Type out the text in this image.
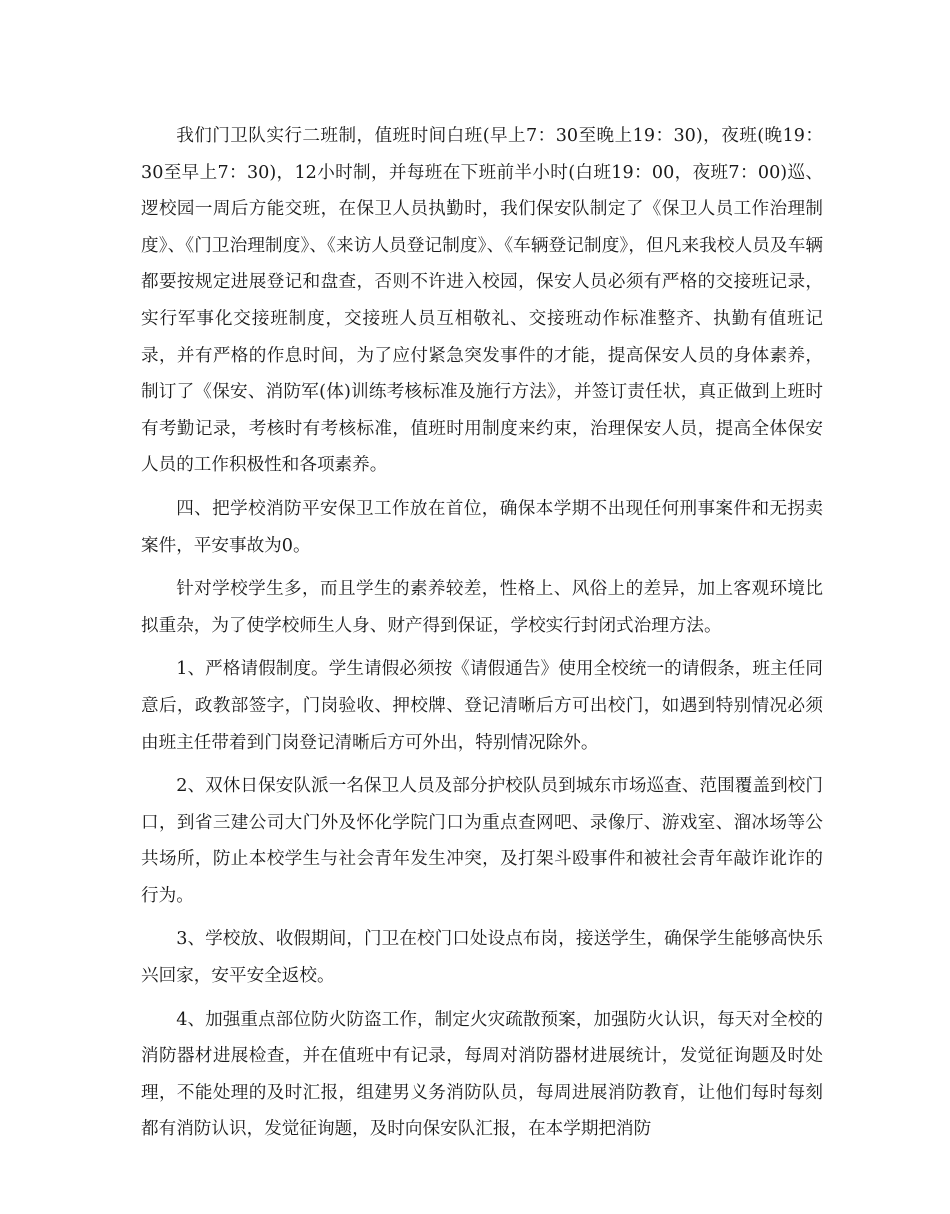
我们门卫队实行二班制，值班时间白班(早上7：30至晚上19：30)，夜班(晚19：30至早上7：30)，12小时制，并每班在下班前半小时(白班19：00，夜班7：00)巡、逻校园一周后方能交班，在保卫人员执勤时，我们保安队制定了《保卫人员工作治理制度》、《门卫治理制度》、《来访人员登记制度》、《车辆登记制度》，但凡来我校人员及车辆都要按规定进展登记和盘查，否则不许进入校园，保安人员必须有严格的交接班记录，实行军事化交接班制度，交接班人员互相敬礼、交接班动作标准整齐、执勤有值班记录，并有严格的作息时间，为了应付紧急突发事件的才能，提高保安人员的身体素养，制订了《保安、消防军(体)训练考核标准及施行方法》，并签订责任状，真正做到上班时有考勤记录，考核时有考核标准，值班时用制度来约束，治理保安人员，提高全体保安人员的工作积极性和各项素养。

四、把学校消防平安保卫工作放在首位，确保本学期不出现任何刑事案件和无拐卖案件，平安事故为0。

针对学校学生多，而且学生的素养较差，性格上、风俗上的差异，加上客观环境比拟重杂，为了使学校师生人身、财产得到保证，学校实行封闭式治理方法。

1、严格请假制度。学生请假必须按《请假通告》使用全校统一的请假条，班主任同意后，政教部签字，门岗验收、押校牌、登记清晰后方可出校门，如遇到特别情况必须由班主任带着到门岗登记清晰后方可外出，特别情况除外。

2、双休日保安队派一名保卫人员及部分护校队员到城东市场巡查、范围覆盖到校门口，到省三建公司大门外及怀化学院门口为重点查网吧、录像厅、游戏室、溜冰场等公共场所，防止本校学生与社会青年发生冲突，及打架斗殴事件和被社会青年敲诈讹诈的行为。

3、学校放、收假期间，门卫在校门口处设点布岗，接送学生，确保学生能够高快乐兴回家，安平安全返校。

4、加强重点部位防火防盗工作，制定火灾疏散预案，加强防火认识，每天对全校的消防器材进展检查，并在值班中有记录，每周对消防器材进展统计，发觉征询题及时处理，不能处理的及时汇报，组建男义务消防队员，每周进展消防教育，让他们每时每刻都有消防认识，发觉征询题，及时向保安队汇报，在本学期把消防
